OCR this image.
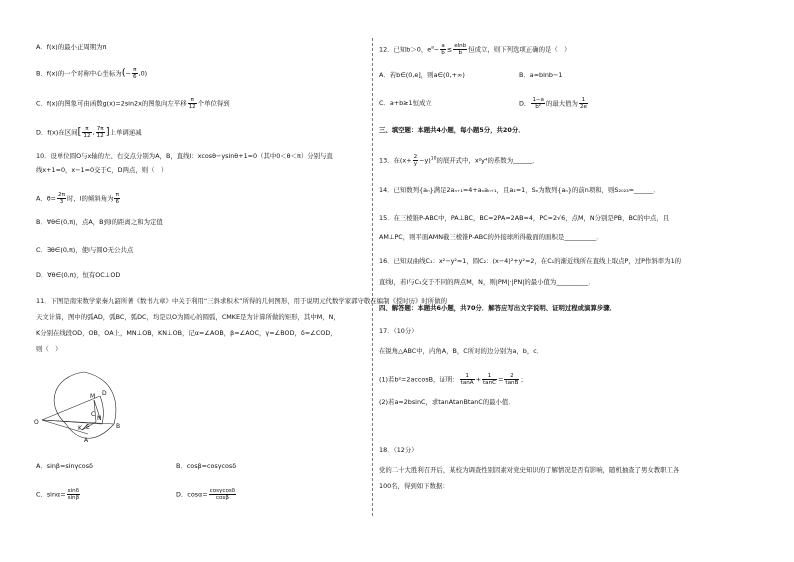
A．f(x)的最小正周期为π
B．f(x)的一个对称中心坐标为(− $\frac{\pi}{6} ,0$)
C．f(x)的图象可由函数g(x)=2sin2x的图象向左平移 $\frac{\pi}{12}$ 个单位得到
D．f(x)在区间[ $\frac{\pi}{12}$ , $\frac{7\pi}{12}$ ]上单调递减
10．设单位圆O与x轴的左、右交点分别为A，B，直线l：xcosθ−ysinθ+1=0（其中0＜θ＜π）分别与直
线x+1=0，x−1=0交于C，D两点，则（　）
A．$\theta= \frac{2\pi}{3}$ 时，l的倾斜角为 $\frac{\pi}{6}$
B．∀θ∈(0,π)，点A，B到l的距离之和为定值
C．∃θ∈(0,π)，使l与圆O无公共点
D．∀θ∈(0,π)，恒有OC⊥OD
11．下图是南宋数学家秦九韶所著《数书九章》中关于利用“三斜求积术”所得的几何图形，用于说明元代数学家郭守敬在编制《授时历》时所做的
天文计算，图中的弧AD，弧BC，弧DC，均是以O为圆心的圆弧，CMKE是为计算所做的矩形，其中M，N，
K分别在线段OD，OB，OA上，MN⊥OB，KN⊥OB，记α=∠AOB，β=∠AOC，γ=∠BOD，δ=∠COD，
则（　）
O
D
M
B
C
N
K E
A
A．sinβ=sinγcosδ	B．cosβ=cosγcosδ
C．$\sin\alpha= \frac{\sin\delta}{\sin\beta}$	D．$\cos\alpha= \frac{\cos\gamma\cos\delta}{\cos\beta}$
12．已知b＞0，$e^a- \frac{a}{b} \le \frac{elnb}{b}$ 恒成立，则下列选项正确的是（　）
A．若b∈(0,e]，则a∈(0,+∞)	B．a=blnb−1
C．a+b≥1恒成立	D． $\frac{1-a}{\text{b²}}$ 的最大值为 $\frac{1}{2e}$
三、填空题：本题共4小题，每小题5分，共20分．
13．在$(x+ \frac{2}{y} -y)^{10}$的展开式中，x²y⁴的系数为______．
14．已知数列{aₙ}满足2aₙ₊₁=4+aₙaₙ₊₁，且a₁=1，Sₙ为数列{aₙ}的前n项和，则S₂₀₂₃=______．
15．在三棱锥P-ABC中，PA⊥BC，BC=2PA=2AB=4，PC=2√6，点M，N分别是PB，BC的中点，且
AM⊥PC，则平面AMN截三棱锥P-ABC的外接球所得截面的面积是__________．
16．已知双曲线C₁：x²−y²=1，圆C₂：(x−4)²+y²=2，在C₁的渐近线所在直线上取点P，过P作斜率为1的
直线l，若l与C₁交于不同的两点M，N，则|PM|·|PN|的最小值为__________．
四、解答题：本题共6小题，共70分．解答应写出文字说明、证明过程或演算步骤．
17．（10分）
在锐角△ABC中，内角A，B，C所对的边分别为a，b，c．
(1)若b²=2accosB，证明： $\frac{1}{\tan A} + \frac{1}{\tan C} = \frac{2}{\tan B}$ ；
(2)若a=2bsinC，求tanAtanBtanC的最小值．
18．（12分）
党的二十大胜利召开后，某校为调查性别因素对党史知识的了解情况是否有影响，随机抽查了男女教职工各
100名，得到如下数据：
